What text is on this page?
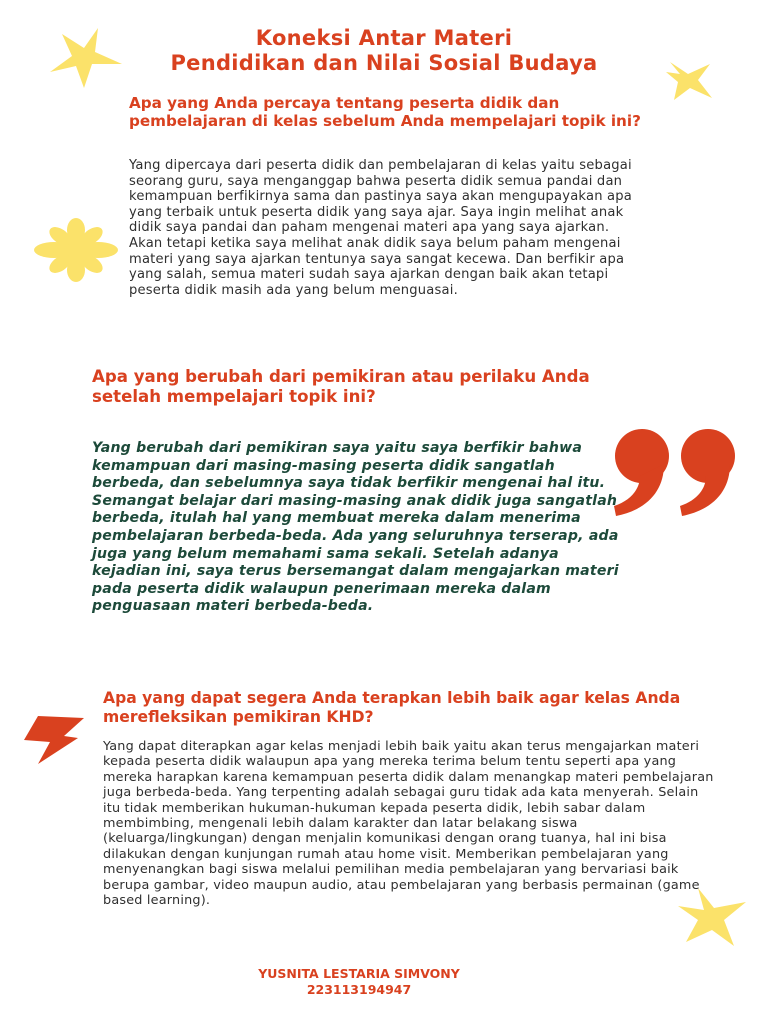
Koneksi Antar Materi
Pendidikan dan Nilai Sosial Budaya
Apa yang Anda percaya tentang peserta didik dan pembelajaran di kelas sebelum Anda mempelajari topik ini?

Yang dipercaya dari peserta didik dan pembelajaran di kelas yaitu sebagai seorang guru, saya menganggap bahwa peserta didik semua pandai dan kemampuan berfikirnya sama dan pastinya saya akan mengupayakan apa yang terbaik untuk peserta didik yang saya ajar. Saya ingin melihat anak didik saya pandai dan paham mengenai materi apa yang saya ajarkan. Akan tetapi ketika saya melihat anak didik saya belum paham mengenai materi yang saya ajarkan tentunya saya sangat kecewa. Dan berfikir apa yang salah, semua materi sudah saya ajarkan dengan baik akan tetapi peserta didik masih ada yang belum menguasai.

Apa yang berubah dari pemikiran atau perilaku Anda setelah mempelajari topik ini?

Yang berubah dari pemikiran saya yaitu saya berfikir bahwa kemampuan dari masing-masing peserta didik sangatlah berbeda, dan sebelumnya saya tidak berfikir mengenai hal itu. Semangat belajar dari masing-masing anak didik juga sangatlah berbeda, itulah hal yang membuat mereka dalam menerima pembelajaran berbeda-beda. Ada yang seluruhnya terserap, ada juga yang belum memahami sama sekali. Setelah adanya kejadian ini, saya terus bersemangat dalam mengajarkan materi pada peserta didik walaupun penerimaan mereka dalam penguasaan materi berbeda-beda.

Apa yang dapat segera Anda terapkan lebih baik agar kelas Anda merefleksikan pemikiran KHD?

Yang dapat diterapkan agar kelas menjadi lebih baik yaitu akan terus mengajarkan materi kepada peserta didik walaupun apa yang mereka terima belum tentu seperti apa yang mereka harapkan karena kemampuan peserta didik dalam menangkap materi pembelajaran juga berbeda-beda. Yang terpenting adalah sebagai guru tidak ada kata menyerah. Selain itu tidak memberikan hukuman-hukuman kepada peserta didik, lebih sabar dalam membimbing, mengenali lebih dalam karakter dan latar belakang siswa (keluarga/lingkungan) dengan menjalin komunikasi dengan orang tuanya, hal ini bisa dilakukan dengan kunjungan rumah atau home visit. Memberikan pembelajaran yang menyenangkan bagi siswa melalui pemilihan media pembelajaran yang bervariasi baik berupa gambar, video maupun audio, atau pembelajaran yang berbasis permainan (game based learning).

YUSNITA LESTARIA SIMVONY
223113194947
